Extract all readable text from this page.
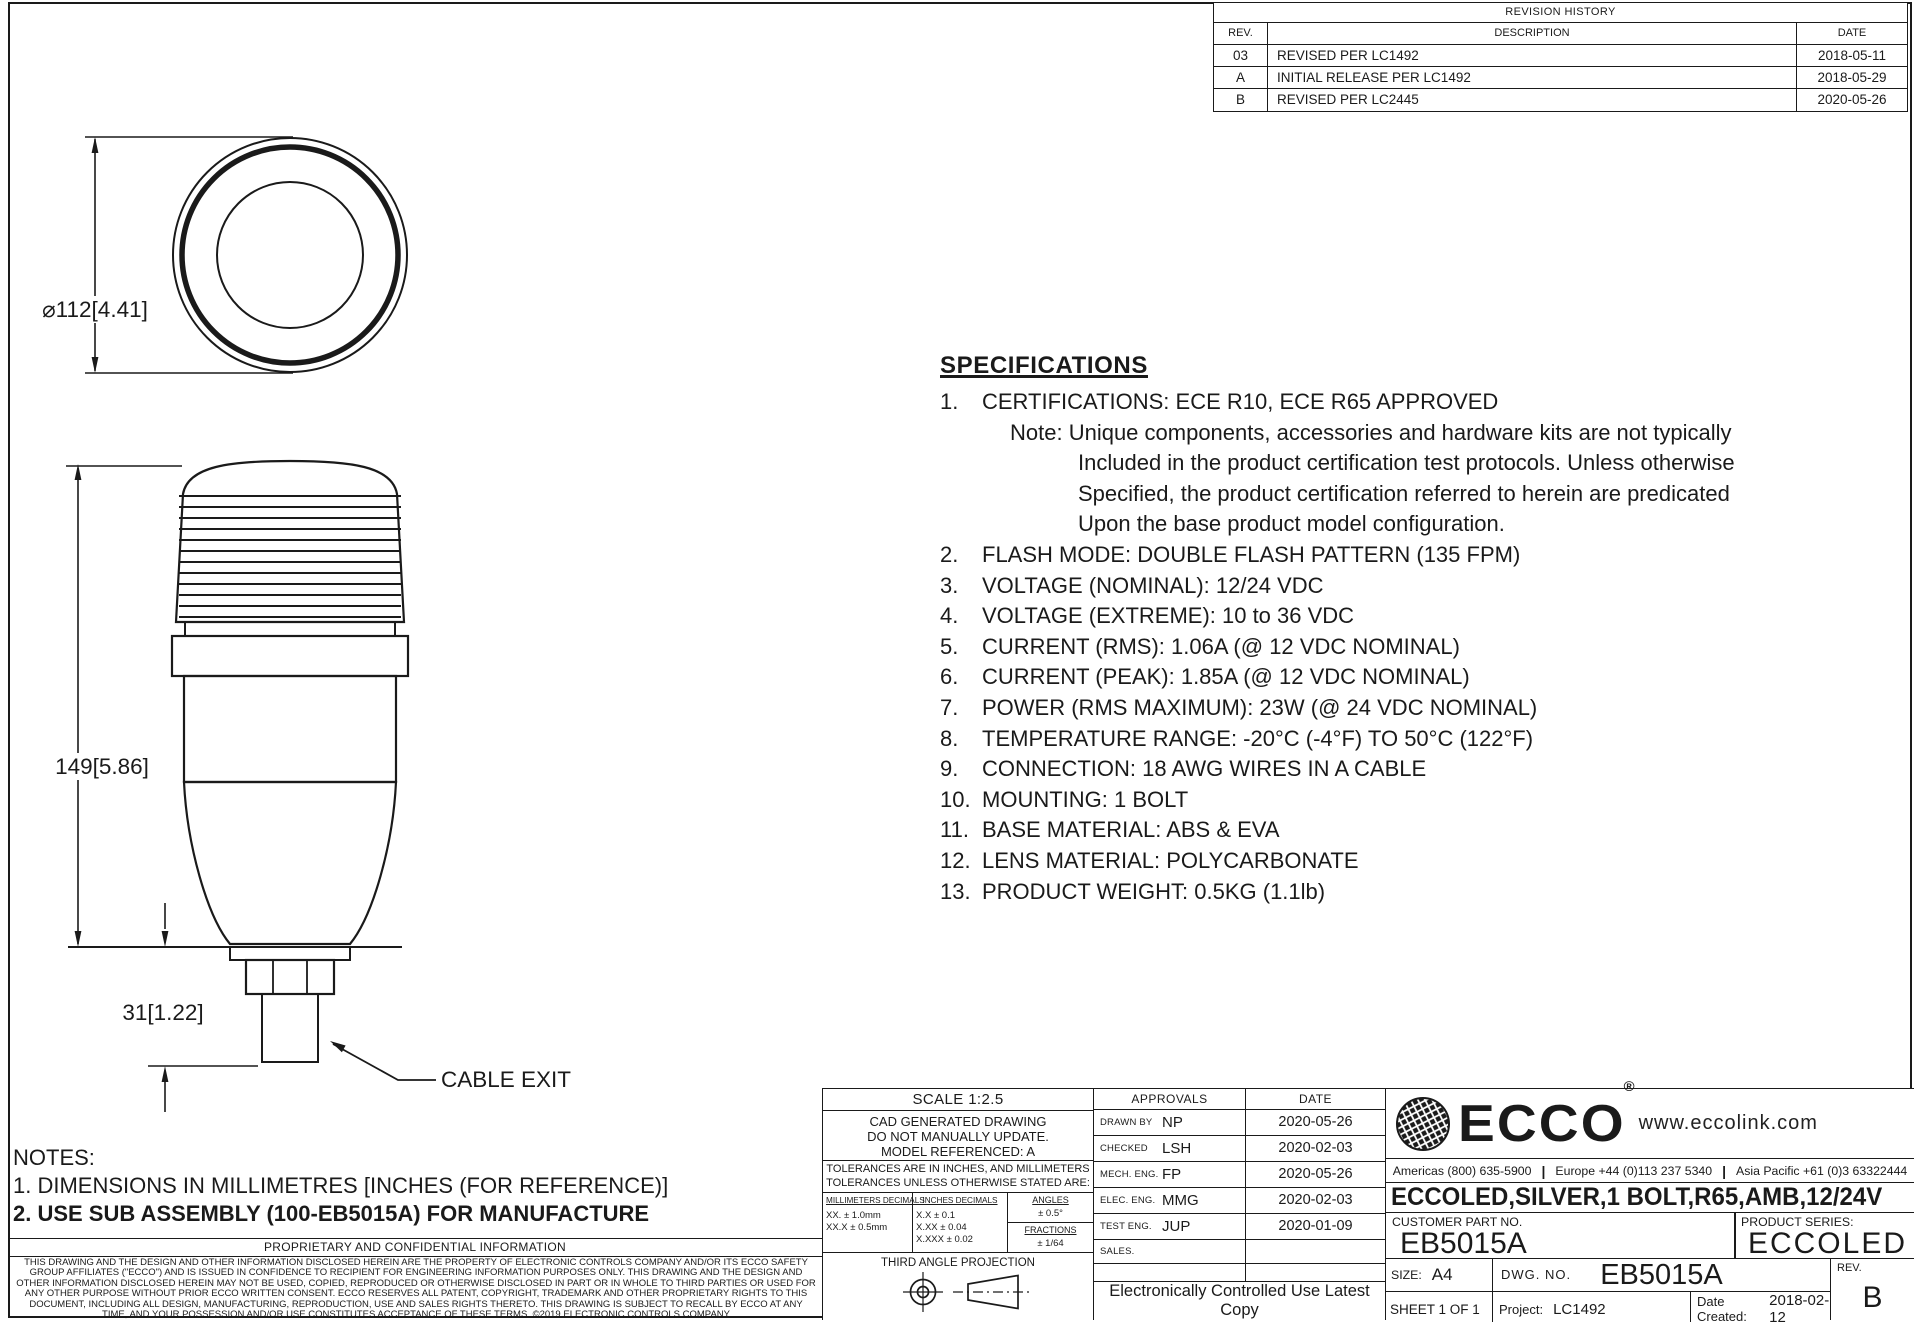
⌀112[4.41]
149[5.86]
31[1.22]
CABLE EXIT
REVISION HISTORY
REV.	DESCRIPTION	DATE
03	REVISED PER LC1492	2018-05-11
A	INITIAL RELEASE PER LC1492	2018-05-29
B	REVISED PER LC2445	2020-05-26
SPECIFICATIONS
1.	CERTIFICATIONS: ECE R10, ECE R65 APPROVED
Note: Unique components, accessories and hardware kits are not typically
Included in the product certification test protocols. Unless otherwise
Specified, the product certification referred to herein are predicated
Upon the base product model configuration.
2.	FLASH MODE: DOUBLE FLASH PATTERN (135 FPM)
3.	VOLTAGE (NOMINAL): 12/24 VDC
4.	VOLTAGE (EXTREME): 10 to 36 VDC
5.	CURRENT (RMS): 1.06A (@ 12 VDC NOMINAL)
6.	CURRENT (PEAK): 1.85A (@ 12 VDC NOMINAL)
7.	POWER (RMS MAXIMUM): 23W (@ 24 VDC NOMINAL)
8.	TEMPERATURE RANGE: -20°C (-4°F) TO 50°C (122°F)
9.	CONNECTION: 18 AWG WIRES IN A CABLE
10. MOUNTING: 1 BOLT
11. BASE MATERIAL: ABS & EVA
12. LENS MATERIAL: POLYCARBONATE
13. PRODUCT WEIGHT: 0.5KG (1.1lb)
NOTES:
1. DIMENSIONS IN MILLIMETRES [INCHES (FOR REFERENCE)]
2. USE SUB ASSEMBLY (100-EB5015A) FOR MANUFACTURE
PROPRIETARY AND CONFIDENTIAL INFORMATION
THIS DRAWING AND THE DESIGN AND OTHER INFORMATION DISCLOSED HEREIN ARE THE PROPERTY OF ELECTRONIC CONTROLS COMPANY AND/OR ITS ECCO SAFETY GROUP AFFILIATES ("ECCO") AND IS ISSUED IN CONFIDENCE TO RECIPIENT FOR ENGINEERING INFORMATION PURPOSES ONLY. THIS DRAWING AND THE DESIGN AND OTHER INFORMATION DISCLOSED HEREIN MAY NOT BE USED, COPIED, REPRODUCED OR OTHERWISE DISCLOSED IN PART OR IN WHOLE TO THIRD PARTIES OR USED FOR ANY OTHER PURPOSE WITHOUT PRIOR ECCO WRITTEN CONSENT. ECCO RESERVES ALL PATENT, COPYRIGHT, TRADEMARK AND OTHER PROPRIETARY RIGHTS TO THIS DOCUMENT, INCLUDING ALL DESIGN, MANUFACTURING, REPRODUCTION, USE AND SALES RIGHTS THERETO. THIS DRAWING IS SUBJECT TO RECALL BY ECCO AT ANY TIME, AND YOUR POSSESSION AND/OR USE CONSTITUTES ACCEPTANCE OF THESE TERMS. ©2019 ELECTRONIC CONTROLS COMPANY
SCALE 1:2.5
CAD GENERATED DRAWING
DO NOT MANUALLY UPDATE.
MODEL REFERENCED: A
TOLERANCES ARE IN INCHES, AND MILLIMETERS
TOLERANCES UNLESS OTHERWISE STATED ARE:
MILLIMETERS DECIMALS
XX. ± 1.0mm
XX.X ± 0.5mm
INCHES DECIMALS
X.X ± 0.1
X.XX ± 0.04
X.XXX ± 0.02
ANGLES
± 0.5°
FRACTIONS
± 1/64
THIRD ANGLE PROJECTION
APPROVALS	DATE
DRAWN BY NP	2020-05-26
CHECKED LSH	2020-02-03
MECH. ENG. FP	2020-05-26
ELEC. ENG. MMG	2020-02-03
TEST ENG. JUP	2020-01-09
SALES.
Electronically Controlled Use Latest Copy
ECCO®
www.eccolink.com
Americas (800) 635-5900 | Europe +44 (0)113 237 5340 | Asia Pacific +61 (0)3 63322444
ECCOLED,SILVER,1 BOLT,R65,AMB,12/24V
CUSTOMER PART NO.
EB5015A
PRODUCT SERIES:
ECCOLED
SIZE: A4	DWG. NO. EB5015A
SHEET 1 OF 1	Project: LC1492	Date Created:
2018-02-12
REV.
B
